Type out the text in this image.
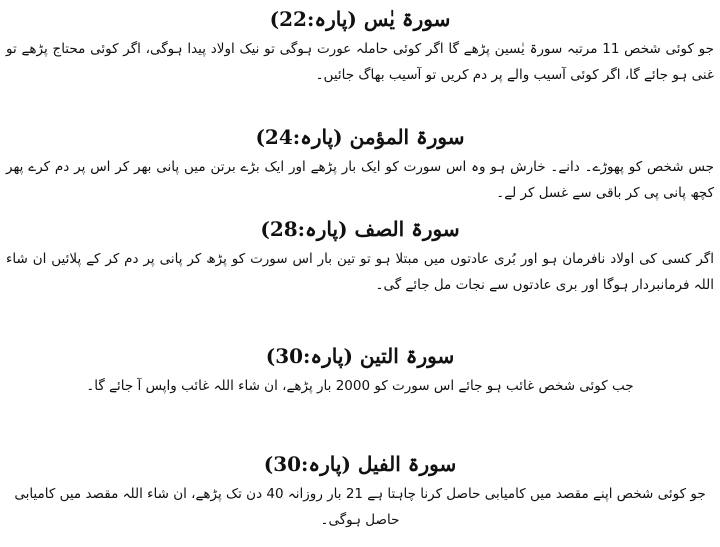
سورۃ یٰس (پارہ:22)

جو کوئی شخص 11 مرتبہ سورۃ یٰسین پڑھے گا اگر کوئی حاملہ عورت ہوگی تو نیک اولاد پیدا ہوگی، اگر کوئی محتاج پڑھے تو غنی ہو جائے گا، اگر کوئی آسیب والے پر دم کریں تو آسیب بھاگ جائیں۔

سورۃ المؤمن (پارہ:24)

جس شخص کو پھوڑے۔ دانے۔ خارش ہو وہ اس سورت کو ایک بار پڑھے اور ایک بڑے برتن میں پانی بھر کر اس پر دم کرے پھر کچھ پانی پی کر باقی سے غسل کر لے۔

سورۃ الصف (پارہ:28)

اگر کسی کی اولاد نافرمان ہو اور بُری عادتوں میں مبتلا ہو تو تین بار اس سورت کو پڑھ کر پانی پر دم کر کے پلائیں ان شاء اللہ فرمانبردار ہوگا اور بری عادتوں سے نجات مل جائے گی۔

سورۃ التین (پارہ:30)

جب کوئی شخص غائب ہو جائے اس سورت کو 2000 بار پڑھے، ان شاء اللہ غائب واپس آ جائے گا۔

سورۃ الفیل (پارہ:30)

جو کوئی شخص اپنے مقصد میں کامیابی حاصل کرنا چاہتا ہے 21 بار روزانہ 40 دن تک پڑھے، ان شاء اللہ مقصد میں کامیابی حاصل ہوگی۔
